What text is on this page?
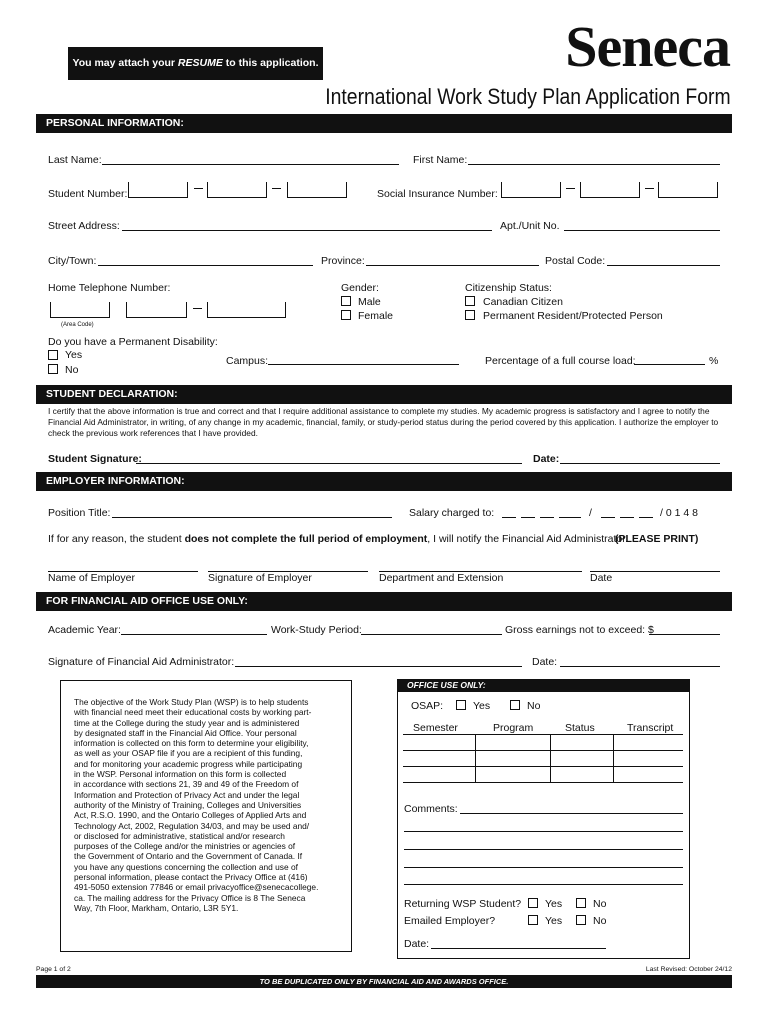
You may attach your RESUME to this application.	Seneca
International Work Study Plan Application Form
PERSONAL INFORMATION:
Last Name:	First Name:
Student Number:	Social Insurance Number:
Street Address:	Apt./Unit No.
City/Town:	Province:	Postal Code:
Home Telephone Number:
(Area Code)
Gender:
Male
Female
Citizenship Status:
Canadian Citizen
Permanent Resident/Protected Person
Do you have a Permanent Disability:
Yes
No
Campus:	Percentage of a full course load:	%
STUDENT DECLARATION:
I certify that the above information is true and correct and that I require additional assistance to complete my studies. My academic progress is satisfactory and I agree to notify the Financial Aid Administrator, in writing, of any change in my academic, financial, family, or study-period status during the period covered by this application. I authorize the employer to check the previous work references that I have provided.
Student Signature:	Date:
EMPLOYER INFORMATION:
Position Title:	Salary charged to:	/	/ 0 1 4 8
If for any reason, the student does not complete the full period of employment, I will notify the Financial Aid Administrator.
(PLEASE PRINT)
Name of Employer	Signature of Employer	Department and Extension	Date
FOR FINANCIAL AID OFFICE USE ONLY:
Academic Year:	Work-Study Period:	Gross earnings not to exceed: $
Signature of Financial Aid Administrator:	Date:
The objective of the Work Study Plan (WSP) is to help students
with financial need meet their educational costs by working part-
time at the College during the study year and is administered
by designated staff in the Financial Aid Office. Your personal
information is collected on this form to determine your eligibility,
as well as your OSAP file if you are a recipient of this funding,
and for monitoring your academic progress while participating
in the WSP. Personal information on this form is collected
in accordance with sections 21, 39 and 49 of the Freedom of
Information and Protection of Privacy Act and under the legal
authority of the Ministry of Training, Colleges and Universities
Act, R.S.O. 1990, and the Ontario Colleges of Applied Arts and
Technology Act, 2002, Regulation 34/03, and may be used and/
or disclosed for administrative, statistical and/or research
purposes of the College and/or the ministries or agencies of
the Government of Ontario and the Government of Canada. If
you have any questions concerning the collection and use of
personal information, please contact the Privacy Office at (416)
491-5050 extension 77846 or email privacyoffice@senecacollege.
ca. The mailing address for the Privacy Office is 8 The Seneca
Way, 7th Floor, Markham, Ontario, L3R 5Y1.
OFFICE USE ONLY:
OSAP:	Yes	No
Semester	Program	Status	Transcript

Comments:
Returning WSP Student? Yes	No
Emailed Employer?	Yes	No
Date:
Page 1 of 2	Last Revised: October 24/12
TO BE DUPLICATED ONLY BY FINANCIAL AID AND AWARDS OFFICE.
